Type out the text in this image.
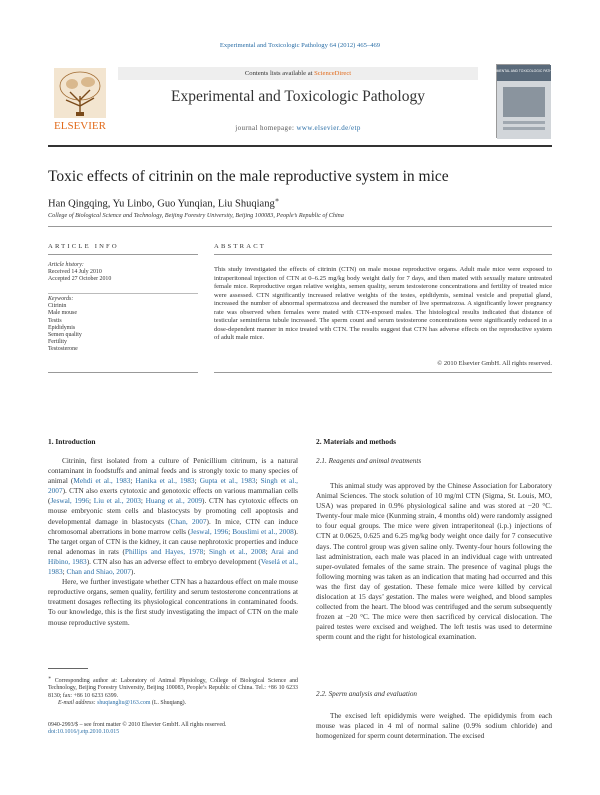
Experimental and Toxicologic Pathology 64 (2012) 465–469
ELSEVIER
Contents lists available at ScienceDirect
Experimental and Toxicologic Pathology
journal homepage: www.elsevier.de/etp
EXPERIMENTAL AND TOXICOLOGIC PATHOLOGY
Toxic effects of citrinin on the male reproductive system in mice
Han Qingqing, Yu Linbo, Guo Yunqian, Liu Shuqiang∗
College of Biological Science and Technology, Beijing Forestry University, Beijing 100083, People’s Republic of China
ARTICLE INFO	ABSTRACT
Article history:
Received 14 July 2010
Accepted 27 October 2010
Keywords:
Citrinin
Male mouse
Testis
Epididymis
Semen quality
Fertility
Testosterone
This study investigated the effects of citrinin (CTN) on male mouse reproductive organs. Adult male mice were exposed to intraperitoneal injection of CTN at 0–6.25 mg/kg body weight daily for 7 days, and then mated with sexually mature untreated female mice. Reproductive organ relative weights, semen quality, serum testosterone concentrations and fertility of treated mice were assessed. CTN significantly increased relative weights of the testes, epididymis, seminal vesicle and preputial gland, increased the number of abnormal spermatozoa and decreased the number of live spermatozoa. A significantly lower pregnancy rate was observed when females were mated with CTN-exposed males. The histological results indicated that distance of testicular seminiferus tubule increased. The sperm count and serum testosterone concentrations were significantly reduced in a dose-dependent manner in mice treated with CTN. The results suggest that CTN has adverse effects on the reproductive system of adult male mice.
© 2010 Elsevier GmbH. All rights reserved.
1. Introduction

Citrinin, first isolated from a culture of Penicillium citrinum, is a natural contaminant in foodstuffs and animal feeds and is strongly toxic to many species of animal (Mehdi et al., 1983; Hanika et al., 1983; Gupta et al., 1983; Singh et al., 2007). CTN also exerts cytotoxic and genotoxic effects on various mammalian cells (Jeswal, 1996; Liu et al., 2003; Huang et al., 2009). CTN has cytotoxic effects on mouse embryonic stem cells and blastocysts by promoting cell apoptosis and developmental damage in blastocysts (Chan, 2007). In mice, CTN can induce chromosomal aberrations in bone marrow cells (Jeswal, 1996; Bouslimi et al., 2008). The target organ of CTN is the kidney, it can cause nephrotoxic properties and induce renal adenomas in rats (Phillips and Hayes, 1978; Singh et al., 2008; Arai and Hibino, 1983). CTN also has an adverse effect to embryo development (Veselá et al., 1983; Chan and Shiao, 2007).

Here, we further investigate whether CTN has a hazardous effect on male mouse reproductive organs, semen quality, fertility and serum testosterone concentrations at treatment dosages reflecting its physiological concentrations in contaminated foods. To our knowledge, this is the first study investigating the impact of CTN on the male mouse reproductive system.

∗ Corresponding author at: Laboratory of Animal Physiology, College of Biological Science and Technology, Beijing Forestry University, Beijing 100083, People’s Republic of China. Tel.: +86 10 6233 8130; fax: +86 10 6233 6399.
E-mail address: shuqiangliu@163.com (L. Shuqiang).
0940-2993/$ – see front matter © 2010 Elsevier GmbH. All rights reserved.
doi:10.1016/j.etp.2010.10.015
2. Materials and methods
2.1. Reagents and animal treatments

This animal study was approved by the Chinese Association for Laboratory Animal Sciences. The stock solution of 10 mg/ml CTN (Sigma, St. Louis, MO, USA) was prepared in 0.9% physiological saline and was stored at −20 °C. Twenty-four male mice (Kunming strain, 4 months old) were randomly assigned to four equal groups. The mice were given intraperitoneal (i.p.) injections of CTN at 0.0625, 0.625 and 6.25 mg/kg body weight once daily for 7 consecutive days. The control group was given saline only. Twenty-four hours following the last administration, each male was placed in an individual cage with untreated super-ovulated females of the same strain. The presence of vaginal plugs the following morning was taken as an indication that mating had occurred and this was the first day of gestation. These female mice were killed by cervical dislocation at 15 days’ gestation. The males were weighed, and blood samples collected from the heart. The blood was centrifuged and the serum subsequently frozen at −20 °C. The mice were then sacrificed by cervical dislocation. The paired testes were excised and weighed. The left testis was used to determine sperm count and the right for histological examination.

2.2. Sperm analysis and evaluation

The excised left epididymis were weighed. The epididymis from each mouse was placed in 4 ml of normal saline (0.9% sodium chloride) and homogenized for sperm count determination. The excised
